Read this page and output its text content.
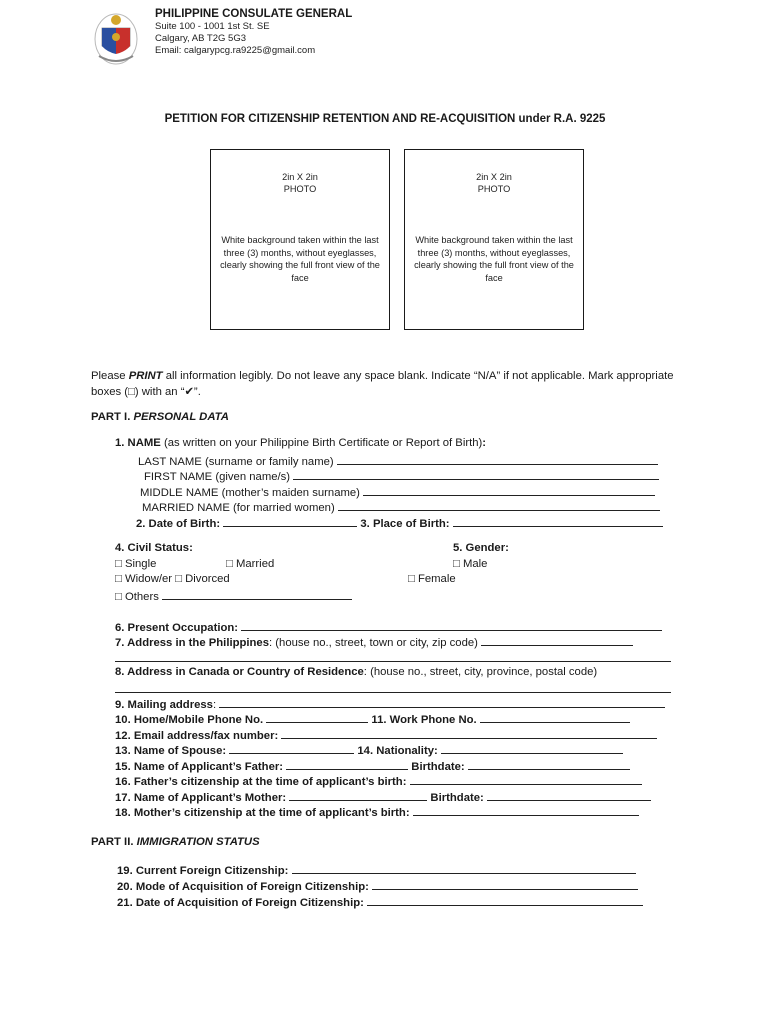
PHILIPPINE CONSULATE GENERAL
Suite 100 - 1001 1st St. SE
Calgary, AB T2G 5G3
Email: calgarypcg.ra9225@gmail.com
PETITION FOR CITIZENSHIP RETENTION AND RE-ACQUISITION under R.A. 9225
2in X 2in
PHOTO
White background taken within the last three (3) months, without eyeglasses, clearly showing the full front view of the face
2in X 2in
PHOTO
White background taken within the last three (3) months, without eyeglasses, clearly showing the full front view of the face
Please PRINT all information legibly. Do not leave any space blank. Indicate “N/A” if not applicable. Mark appropriate boxes (□) with an “✔”.
PART I. PERSONAL DATA
1. NAME (as written on your Philippine Birth Certificate or Report of Birth):
LAST NAME (surname or family name)
FIRST NAME (given name/s)
MIDDLE NAME (mother’s maiden surname)
MARRIED NAME (for married women)
2. Date of Birth:	3. Place of Birth:
4. Civil Status:
□ Single	□ Married
□ Widow/er □ Divorced
□ Others
5. Gender:
□ Male
□ Female
6. Present Occupation:
7. Address in the Philippines: (house no., street, town or city, zip code)
8. Address in Canada or Country of Residence: (house no., street, city, province, postal code)
9. Mailing address:
10. Home/Mobile Phone No.	11. Work Phone No.
12. Email address/fax number:
13. Name of Spouse:	14. Nationality:
15. Name of Applicant’s Father:	Birthdate:
16. Father’s citizenship at the time of applicant’s birth:
17. Name of Applicant’s Mother:	Birthdate:
18. Mother’s citizenship at the time of applicant’s birth:
PART II. IMMIGRATION STATUS
19. Current Foreign Citizenship:
20. Mode of Acquisition of Foreign Citizenship:
21. Date of Acquisition of Foreign Citizenship:
